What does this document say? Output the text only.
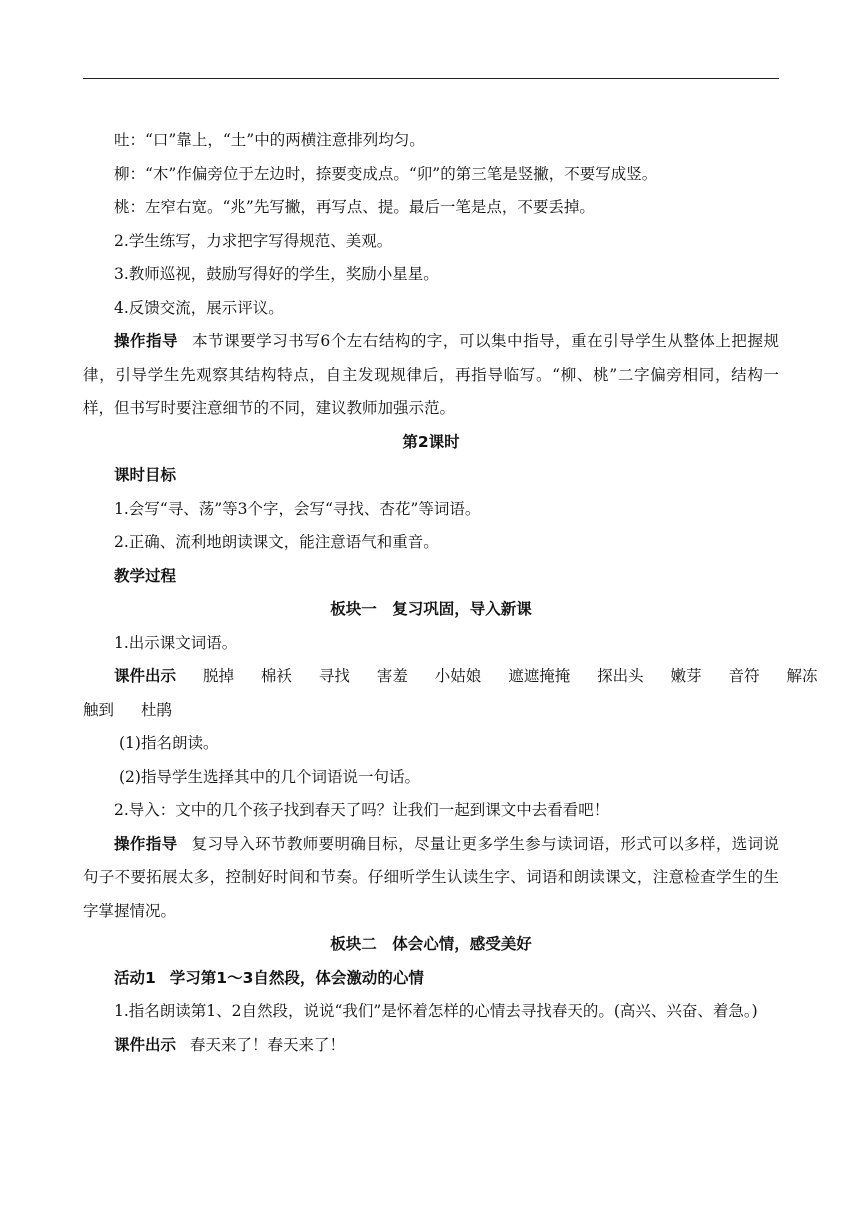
吐：“口”靠上，“土”中的两横注意排列均匀。

柳：“木”作偏旁位于左边时，捺要变成点。“卯”的第三笔是竖撇，不要写成竖。

桃：左窄右宽。“兆”先写撇，再写点、提。最后一笔是点，不要丢掉。

2.学生练写，力求把字写得规范、美观。

3.教师巡视，鼓励写得好的学生，奖励小星星。

4.反馈交流，展示评议。

操作指导 本节课要学习书写6个左右结构的字，可以集中指导，重在引导学生从整体上把握规律，引导学生先观察其结构特点，自主发现规律后，再指导临写。“柳、桃”二字偏旁相同，结构一样，但书写时要注意细节的不同，建议教师加强示范。

第2课时

课时目标

1.会写“寻、荡”等3个字，会写“寻找、杏花”等词语。

2.正确、流利地朗读课文，能注意语气和重音。

教学过程

板块一　复习巩固，导入新课

1.出示课文词语。

课件出示 脱掉 棉袄 寻找 害羞 小姑娘 遮遮掩掩 探出头 嫩芽 音符 解冻

触到 杜鹃

(1)指名朗读。

(2)指导学生选择其中的几个词语说一句话。

2.导入：文中的几个孩子找到春天了吗？让我们一起到课文中去看看吧！

操作指导 复习导入环节教师要明确目标，尽量让更多学生参与读词语，形式可以多样，选词说句子不要拓展太多，控制好时间和节奏。仔细听学生认读生字、词语和朗读课文，注意检查学生的生字掌握情况。

板块二　体会心情，感受美好

活动1 学习第1～3自然段，体会激动的心情

1.指名朗读第1、2自然段，说说“我们”是怀着怎样的心情去寻找春天的。(高兴、兴奋、着急。)

课件出示 春天来了！春天来了！
